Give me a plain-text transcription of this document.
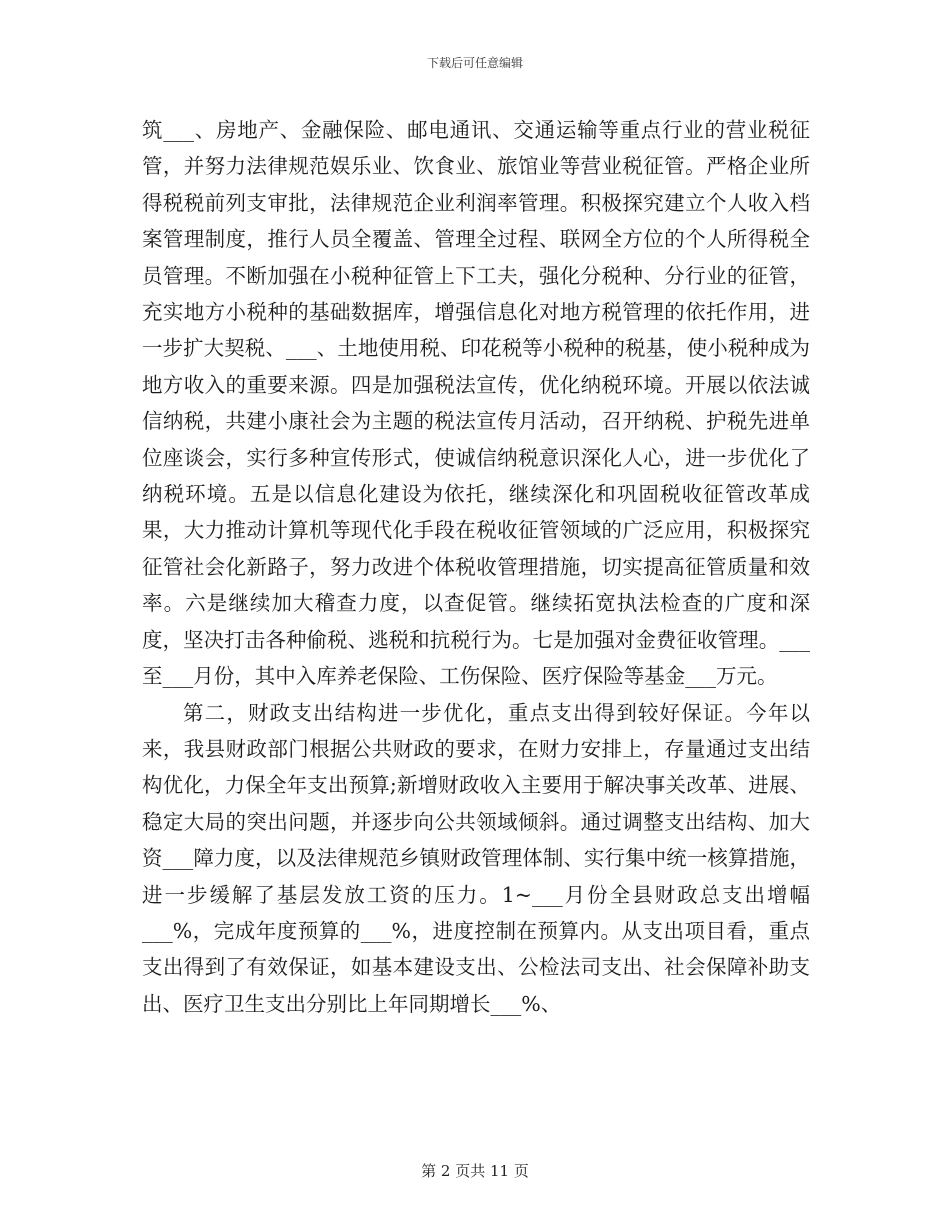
下载后可任意编辑

筑___、房地产、金融保险、邮电通讯、交通运输等重点行业的营业税征管，并努力法律规范娱乐业、饮食业、旅馆业等营业税征管。严格企业所得税税前列支审批，法律规范企业利润率管理。积极探究建立个人收入档案管理制度，推行人员全覆盖、管理全过程、联网全方位的个人所得税全员管理。不断加强在小税种征管上下工夫，强化分税种、分行业的征管，充实地方小税种的基础数据库，增强信息化对地方税管理的依托作用，进一步扩大契税、___、土地使用税、印花税等小税种的税基，使小税种成为地方收入的重要来源。四是加强税法宣传，优化纳税环境。开展以依法诚信纳税，共建小康社会为主题的税法宣传月活动，召开纳税、护税先进单位座谈会，实行多种宣传形式，使诚信纳税意识深化人心，进一步优化了纳税环境。五是以信息化建设为依托，继续深化和巩固税收征管改革成果，大力推动计算机等现代化手段在税收征管领域的广泛应用，积极探究征管社会化新路子，努力改进个体税收管理措施，切实提高征管质量和效率。六是继续加大稽查力度，以查促管。继续拓宽执法检查的广度和深度，坚决打击各种偷税、逃税和抗税行为。七是加强对金费征收管理。___至___月份，其中入库养老保险、工伤保险、医疗保险等基金___万元。

第二，财政支出结构进一步优化，重点支出得到较好保证。今年以来，我县财政部门根据公共财政的要求，在财力安排上，存量通过支出结构优化，力保全年支出预算;新增财政收入主要用于解决事关改革、进展、稳定大局的突出问题，并逐步向公共领域倾斜。通过调整支出结构、加大资___障力度，以及法律规范乡镇财政管理体制、实行集中统一核算措施，进一步缓解了基层发放工资的压力。1~___月份全县财政总支出增幅___%，完成年度预算的___%，进度控制在预算内。从支出项目看，重点支出得到了有效保证，如基本建设支出、公检法司支出、社会保障补助支出、医疗卫生支出分别比上年同期增长___%、

第 2 页共 11 页
